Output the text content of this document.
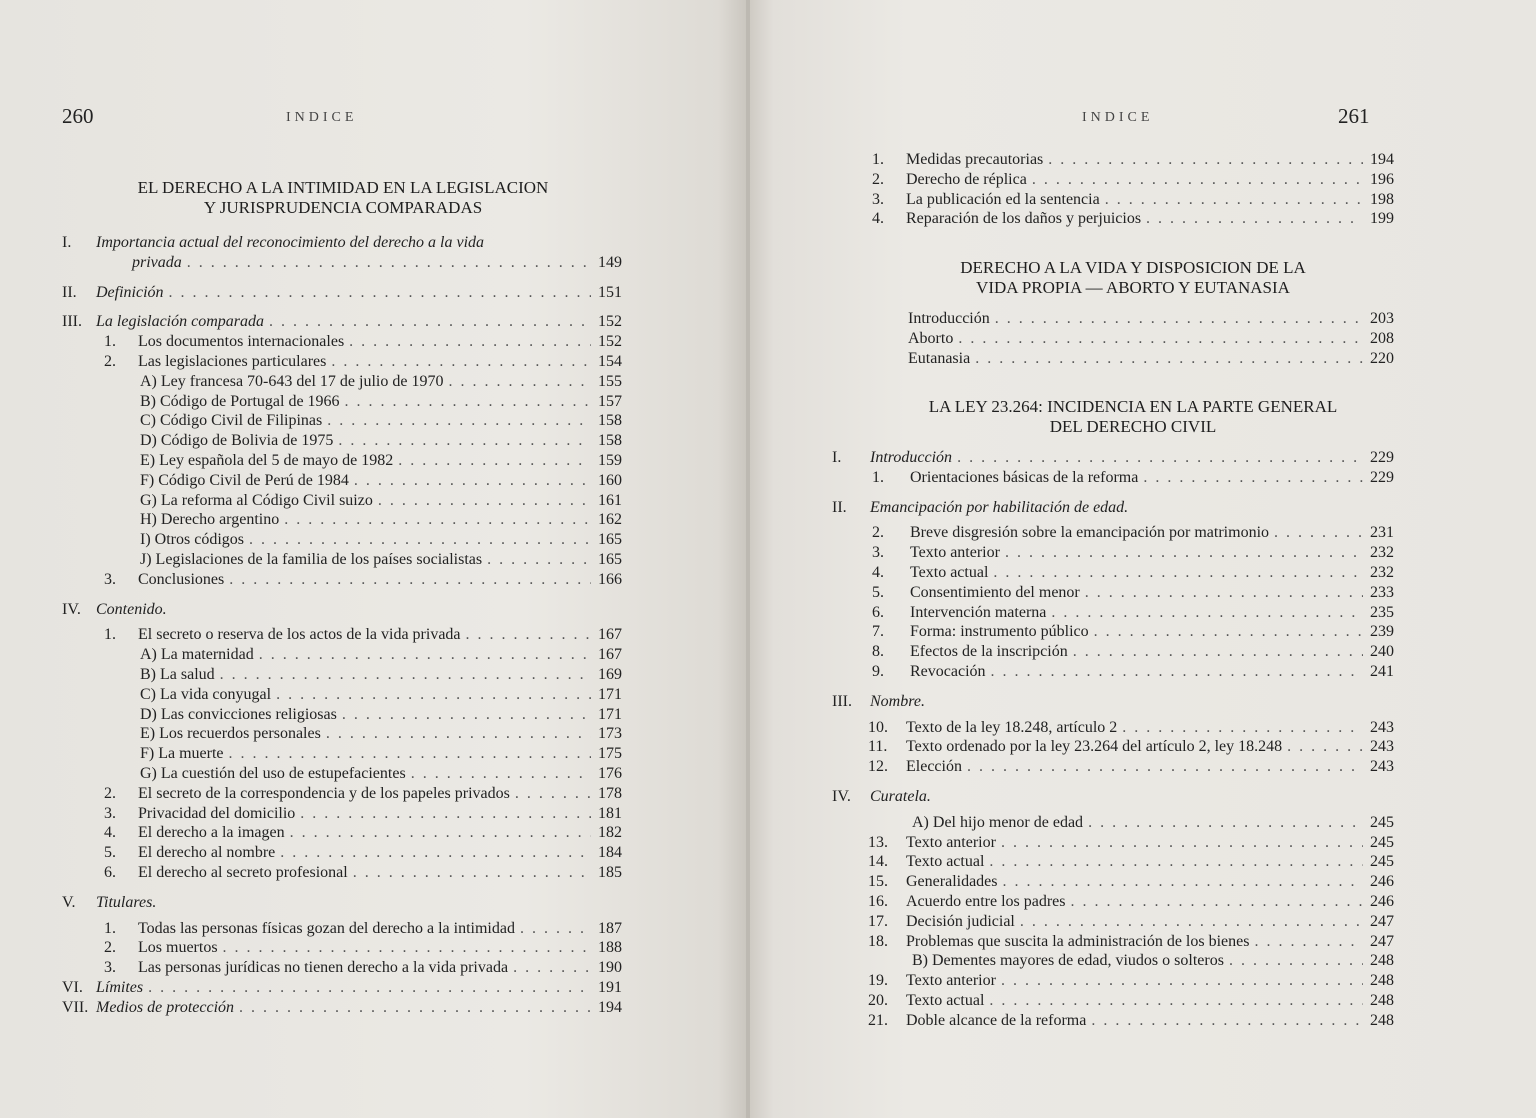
260	INDICE
EL DERECHO A LA INTIMIDAD EN LA LEGISLACION
Y JURISPRUDENCIA COMPARADAS
I.	Importancia actual del reconocimiento del derecho a la vida
privada . . .	149
II.	Definición . . .	151
III. La legislación comparada . . .	152
1.	Los documentos internacionales . . .	152
2.	Las legislaciones particulares . . .	154
A) Ley francesa 70-643 del 17 de julio de 1970 . . .	155
B) Código de Portugal de 1966 . . .	157
C) Código Civil de Filipinas . . .	158
D) Código de Bolivia de 1975 . . .	158
E) Ley española del 5 de mayo de 1982 . . .	159
F) Código Civil de Perú de 1984 . . .	160
G) La reforma al Código Civil suizo . . .	161
H) Derecho argentino . . .	162
I) Otros códigos . . .	165
J) Legislaciones de la familia de los países socialistas . . .	165
3.	Conclusiones . . .	166
IV. Contenido.
1.	El secreto o reserva de los actos de la vida privada . . .	167
A) La maternidad . . .	167
B) La salud . . .	169
C) La vida conyugal . . .	171
D) Las convicciones religiosas . . .	171
E) Los recuerdos personales . . .	173
F) La muerte . . .	175
G) La cuestión del uso de estupefacientes . . .	176
2.	El secreto de la correspondencia y de los papeles privados . . .	178
3.	Privacidad del domicilio . . .	181
4.	El derecho a la imagen . . .	182
5.	El derecho al nombre . . .	184
6.	El derecho al secreto profesional . . .	185
V.	Titulares.
1.	Todas las personas físicas gozan del derecho a la intimidad . . .	187
2.	Los muertos . . .	188
3.	Las personas jurídicas no tienen derecho a la vida privada . . .	190
VI. Límites . . .	191
VII. Medios de protección . . .	194
INDICE	261
1.	Medidas precautorias . . .	194
2.	Derecho de réplica . . .	196
3.	La publicación ed la sentencia . . .	198
4.	Reparación de los daños y perjuicios . . .	199
DERECHO A LA VIDA Y DISPOSICION DE LA
VIDA PROPIA — ABORTO Y EUTANASIA
Introducción . . .	203
Aborto . . .	208
Eutanasia . . .	220
LA LEY 23.264: INCIDENCIA EN LA PARTE GENERAL
DEL DERECHO CIVIL
I.	Introducción . . .	229
1.	Orientaciones básicas de la reforma . . .	229
II.	Emancipación por habilitación de edad.
2.	Breve disgresión sobre la emancipación por matrimonio . . .	231
3.	Texto anterior . . .	232
4.	Texto actual . . .	232
5.	Consentimiento del menor . . .	233
6.	Intervención materna . . .	235
7.	Forma: instrumento público . . .	239
8.	Efectos de la inscripción . . .	240
9.	Revocación . . .	241
III.	Nombre.
10.	Texto de la ley 18.248, artículo 2 . . .	243
11.	Texto ordenado por la ley 23.264 del artículo 2, ley 18.248 . . .	243
12.	Elección . . .	243
IV.	Curatela.
A) Del hijo menor de edad . . .	245
13.	Texto anterior . . .	245
14.	Texto actual . . .	245
15.	Generalidades . . .	246
16.	Acuerdo entre los padres . . .	246
17.	Decisión judicial . . .	247
18.	Problemas que suscita la administración de los bienes . . .	247
B) Dementes mayores de edad, viudos o solteros . . .	248
19.	Texto anterior . . .	248
20.	Texto actual . . .	248
21.	Doble alcance de la reforma . . .	248
